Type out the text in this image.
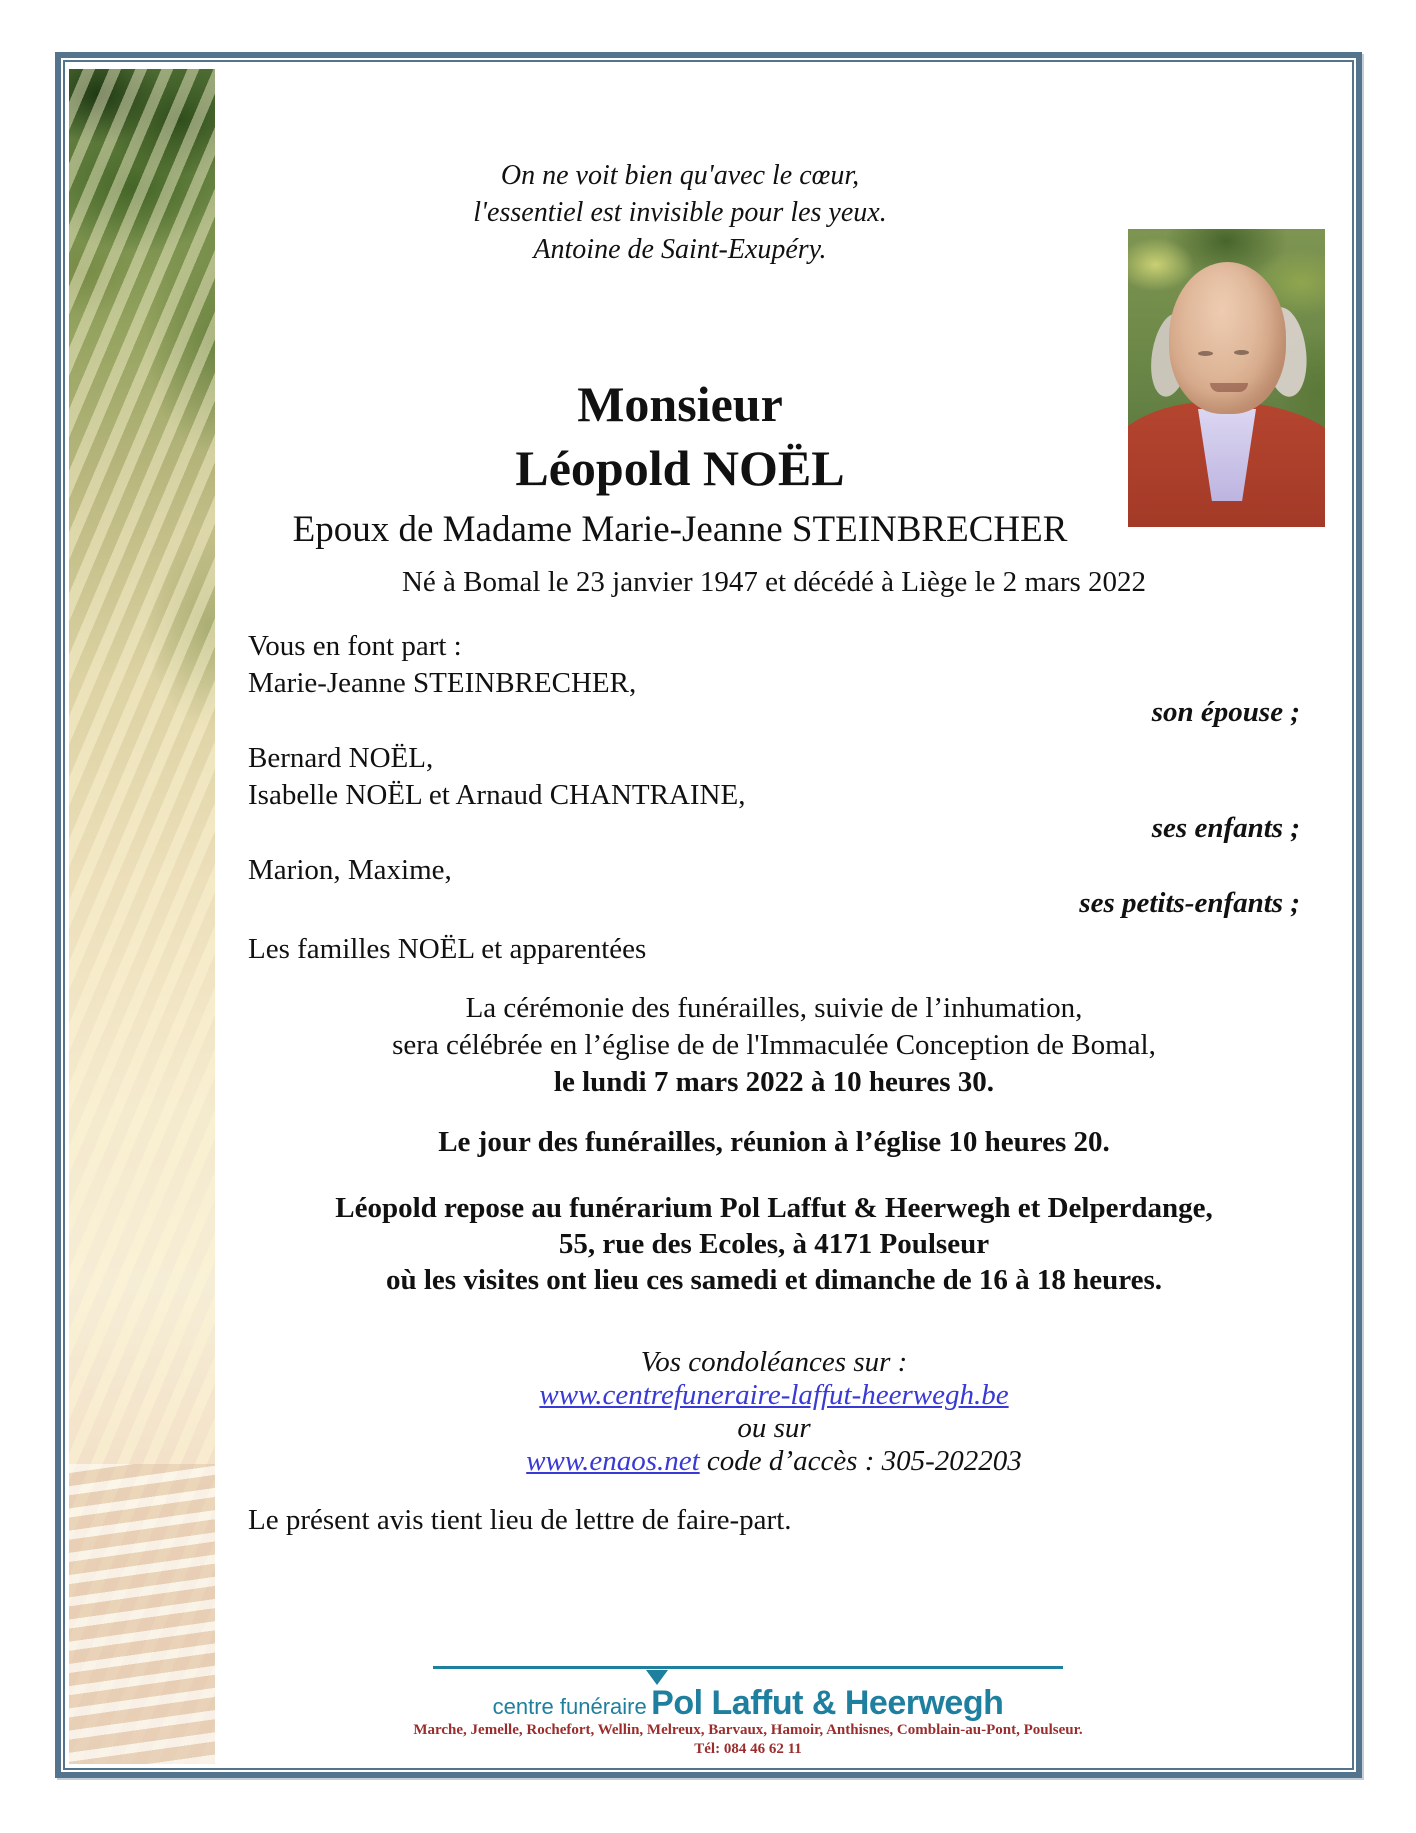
On ne voit bien qu'avec le cœur,
l'essentiel est invisible pour les yeux.
Antoine de Saint-Exupéry.
Monsieur
Léopold NOËL
Epoux de Madame Marie-Jeanne STEINBRECHER
Né à Bomal le 23 janvier 1947 et décédé à Liège le 2 mars 2022
Vous en font part :
Marie-Jeanne STEINBRECHER,
son épouse ;
Bernard NOËL,
Isabelle NOËL et Arnaud CHANTRAINE,
ses enfants ;
Marion, Maxime,
ses petits-enfants ;
Les familles NOËL et apparentées
La cérémonie des funérailles, suivie de l’inhumation,
sera célébrée en l’église de de l'Immaculée Conception de Bomal,
le lundi 7 mars 2022 à 10 heures 30.
Le jour des funérailles, réunion à l’église 10 heures 20.
Léopold repose au funérarium Pol Laffut & Heerwegh et Delperdange,
55, rue des Ecoles, à 4171 Poulseur
où les visites ont lieu ces samedi et dimanche de 16 à 18 heures.
Vos condoléances sur :
www.centrefuneraire-laffut-heerwegh.be
ou sur
www.enaos.net code d’accès : 305-202203
Le présent avis tient lieu de lettre de faire-part.
centre funéraire Pol Laffut & Heerwegh
Marche, Jemelle, Rochefort, Wellin, Melreux, Barvaux, Hamoir, Anthisnes, Comblain-au-Pont, Poulseur.
Tél: 084 46 62 11
